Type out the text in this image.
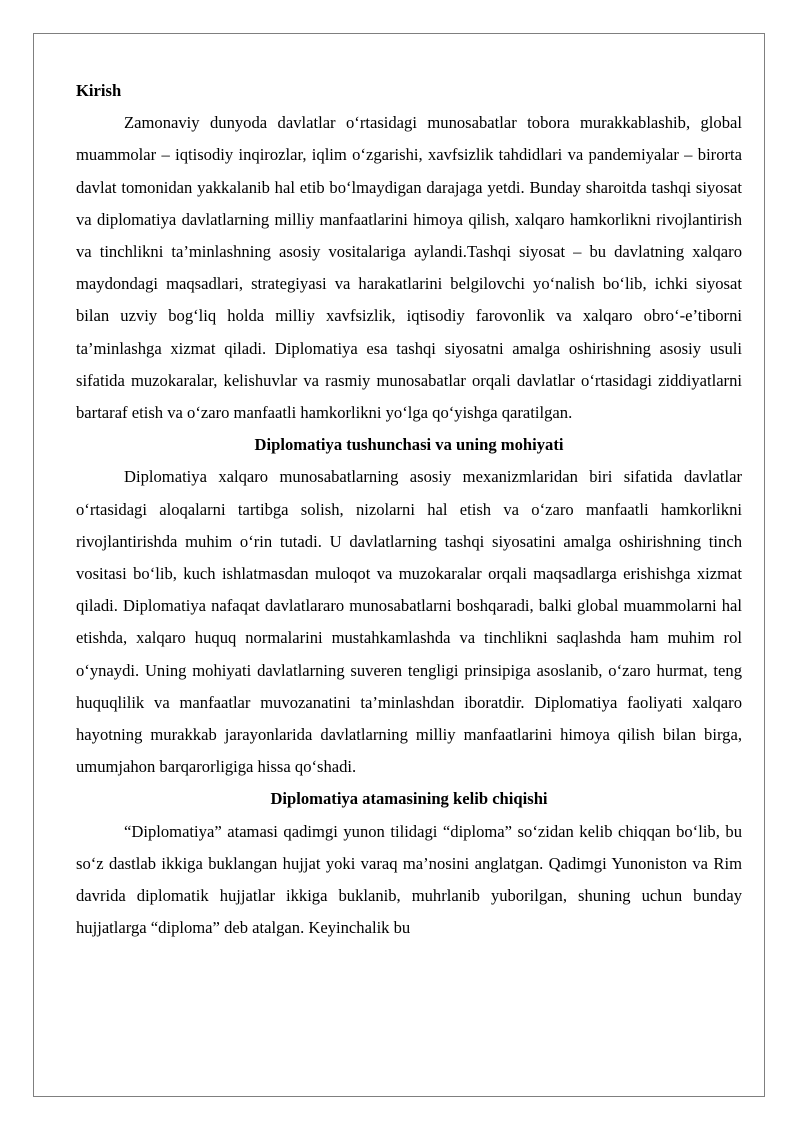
Kirish

Zamonaviy dunyoda davlatlar o‘rtasidagi munosabatlar tobora murakkablashib, global muammolar – iqtisodiy inqirozlar, iqlim o‘zgarishi, xavfsizlik tahdidlari va pandemiyalar – birorta davlat tomonidan yakkalanib hal etib bo‘lmaydigan darajaga yetdi. Bunday sharoitda tashqi siyosat va diplomatiya davlatlarning milliy manfaatlarini himoya qilish, xalqaro hamkorlikni rivojlantirish va tinchlikni ta’minlashning asosiy vositalariga aylandi.Tashqi siyosat – bu davlatning xalqaro maydondagi maqsadlari, strategiyasi va harakatlarini belgilovchi yo‘nalish bo‘lib, ichki siyosat bilan uzviy bog‘liq holda milliy xavfsizlik, iqtisodiy farovonlik va xalqaro obro‘-e’tiborni ta’minlashga xizmat qiladi. Diplomatiya esa tashqi siyosatni amalga oshirishning asosiy usuli sifatida muzokaralar, kelishuvlar va rasmiy munosabatlar orqali davlatlar o‘rtasidagi ziddiyatlarni bartaraf etish va o‘zaro manfaatli hamkorlikni yo‘lga qo‘yishga qaratilgan.

Diplomatiya tushunchasi va uning mohiyati

Diplomatiya xalqaro munosabatlarning asosiy mexanizmlaridan biri sifatida davlatlar o‘rtasidagi aloqalarni tartibga solish, nizolarni hal etish va o‘zaro manfaatli hamkorlikni rivojlantirishda muhim o‘rin tutadi. U davlatlarning tashqi siyosatini amalga oshirishning tinch vositasi bo‘lib, kuch ishlatmasdan muloqot va muzokaralar orqali maqsadlarga erishishga xizmat qiladi. Diplomatiya nafaqat davlatlararo munosabatlarni boshqaradi, balki global muammolarni hal etishda, xalqaro huquq normalarini mustahkamlashda va tinchlikni saqlashda ham muhim rol o‘ynaydi. Uning mohiyati davlatlarning suveren tengligi prinsipiga asoslanib, o‘zaro hurmat, teng huquqlilik va manfaatlar muvozanatini ta’minlashdan iboratdir. Diplomatiya faoliyati xalqaro hayotning murakkab jarayonlarida davlatlarning milliy manfaatlarini himoya qilish bilan birga, umumjahon barqarorligiga hissa qo‘shadi.

Diplomatiya atamasining kelib chiqishi

“Diplomatiya” atamasi qadimgi yunon tilidagi “diploma” so‘zidan kelib chiqqan bo‘lib, bu so‘z dastlab ikkiga buklangan hujjat yoki varaq ma’nosini anglatgan. Qadimgi Yunoniston va Rim davrida diplomatik hujjatlar ikkiga buklanib, muhrlanib yuborilgan, shuning uchun bunday hujjatlarga “diploma” deb atalgan. Keyinchalik bu
